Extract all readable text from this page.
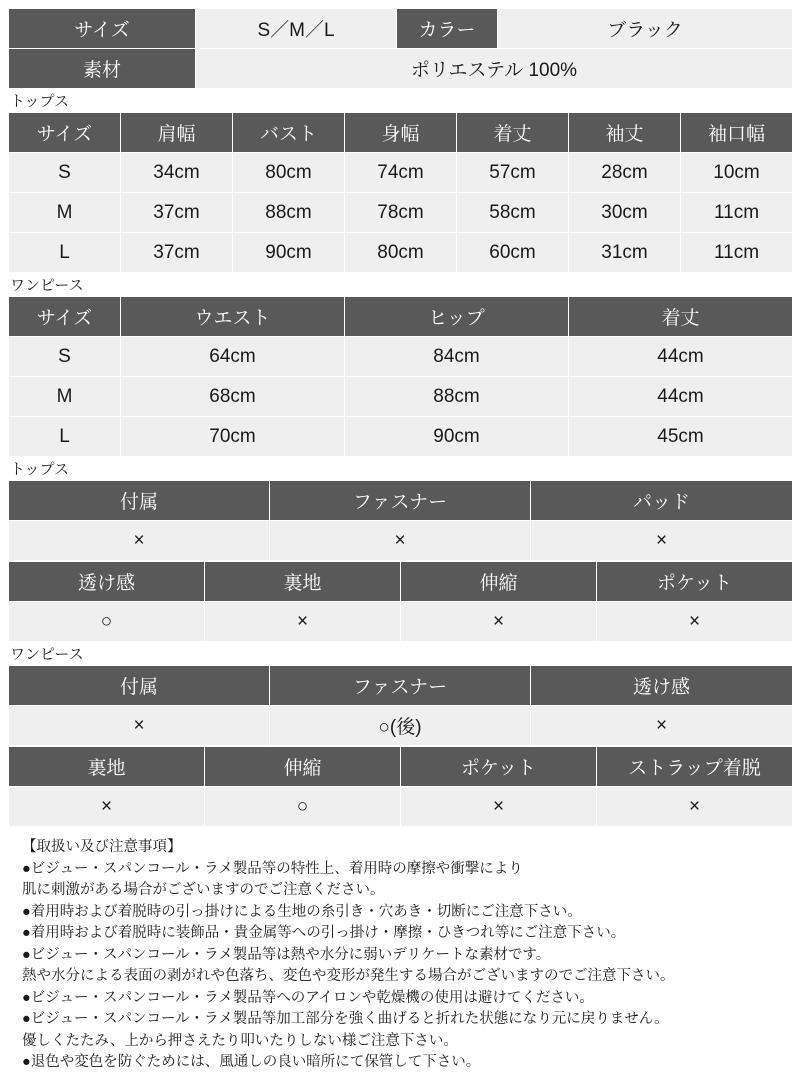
サイズ	S／M／L	カラー	ブラック
素材	ポリエステル 100%		
トップス
サイズ	肩幅	バスト	身幅	着丈	袖丈	袖口幅
S	34cm	80cm	74cm	57cm	28cm	10cm
M	37cm	88cm	78cm	58cm	30cm	11cm
L	37cm	90cm	80cm	60cm	31cm	11cm
ワンピース
サイズ	ウエスト	ヒップ	着丈
S	64cm	84cm	44cm
M	68cm	88cm	44cm
L	70cm	90cm	45cm
トップス
付属	ファスナー	パッド
×	×	×
透け感	裏地	伸縮	ポケット
○	×	×	×
ワンピース
付属	ファスナー	透け感
×	○(後)	×
裏地	伸縮	ポケット	ストラップ着脱
×	○	×	×
【取扱い及び注意事項】
●ビジュー・スパンコール・ラメ製品等の特性上、着用時の摩擦や衝撃により
肌に刺激がある場合がございますのでご注意ください。
●着用時および着脱時の引っ掛けによる生地の糸引き・穴あき・切断にご注意下さい。
●着用時および着脱時に装飾品・貴金属等への引っ掛け・摩擦・ひきつれ等にご注意下さい。
●ビジュー・スパンコール・ラメ製品等は熱や水分に弱いデリケートな素材です。
熱や水分による表面の剥がれや色落ち、変色や変形が発生する場合がございますのでご注意下さい。
●ビジュー・スパンコール・ラメ製品等へのアイロンや乾燥機の使用は避けてください。
●ビジュー・スパンコール・ラメ製品等加工部分を強く曲げると折れた状態になり元に戻りません。
優しくたたみ、上から押さえたり叩いたりしない様ご注意下さい。
●退色や変色を防ぐためには、風通しの良い暗所にて保管して下さい。
